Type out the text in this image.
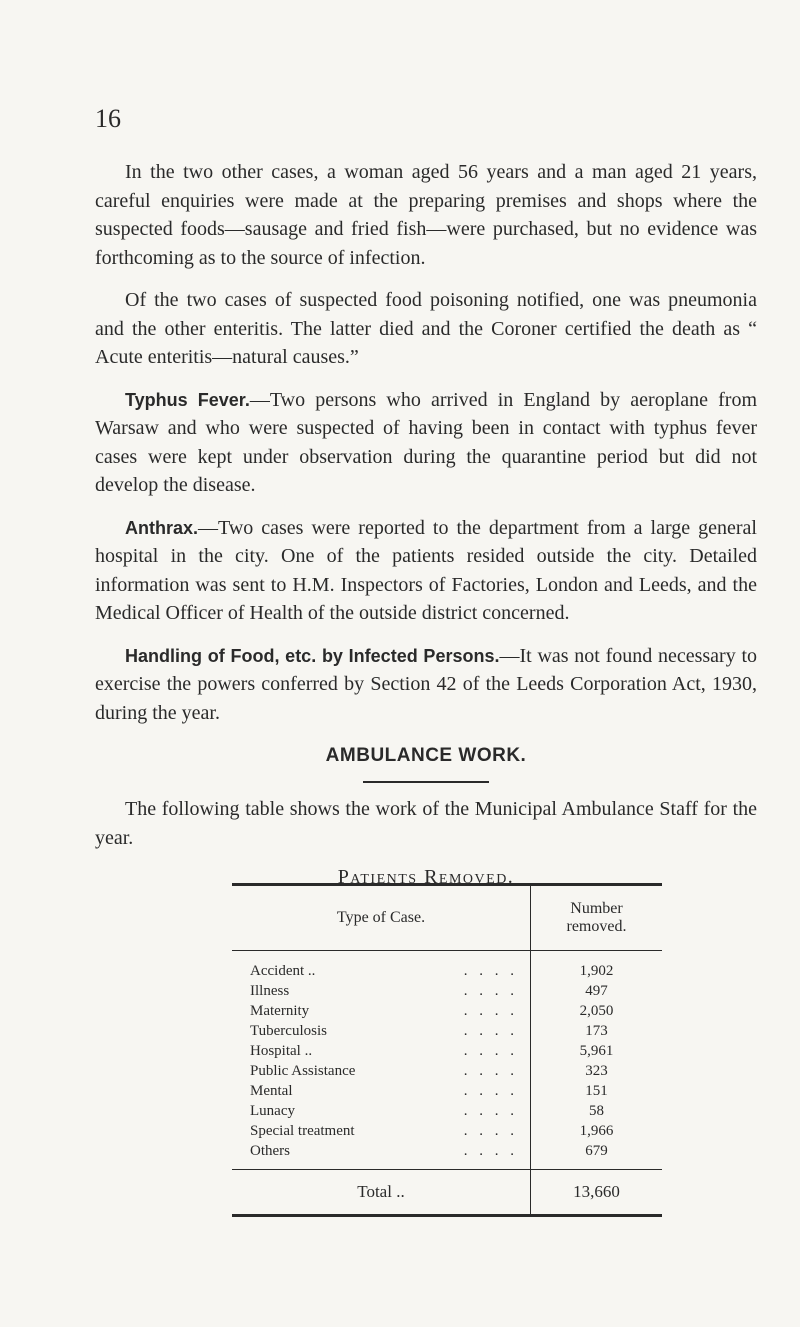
16

In the two other cases, a woman aged 56 years and a man aged 21 years, careful enquiries were made at the preparing premises and shops where the suspected foods—sausage and fried fish—were purchased, but no evidence was forthcoming as to the source of infection.

Of the two cases of suspected food poisoning notified, one was pneumonia and the other enteritis. The latter died and the Coroner certified the death as “ Acute enteritis—natural causes.”

Typhus Fever.—Two persons who arrived in England by aeroplane from Warsaw and who were suspected of having been in contact with typhus fever cases were kept under observation during the quarantine period but did not develop the disease.

Anthrax.—Two cases were reported to the department from a large general hospital in the city. One of the patients resided outside the city. Detailed information was sent to H.M. Inspectors of Factories, London and Leeds, and the Medical Officer of Health of the outside district concerned.

Handling of Food, etc. by Infected Persons.—It was not found necessary to exercise the powers conferred by Section 42 of the Leeds Corporation Act, 1930, during the year.

AMBULANCE WORK.

The following table shows the work of the Municipal Ambulance Staff for the year.

Patients Removed.
Type of Case.	Number
removed.
Accident .. . . . .	1,902
Illness . . . .	497
Maternity . . . .	2,050
Tuberculosis . . . .	173
Hospital .. . . . .	5,961
Public Assistance . . . .	323
Mental . . . .	151
Lunacy . . . .	58
Special treatment . . . .	1,966
Others . . . .	679
Total ..	13,660
